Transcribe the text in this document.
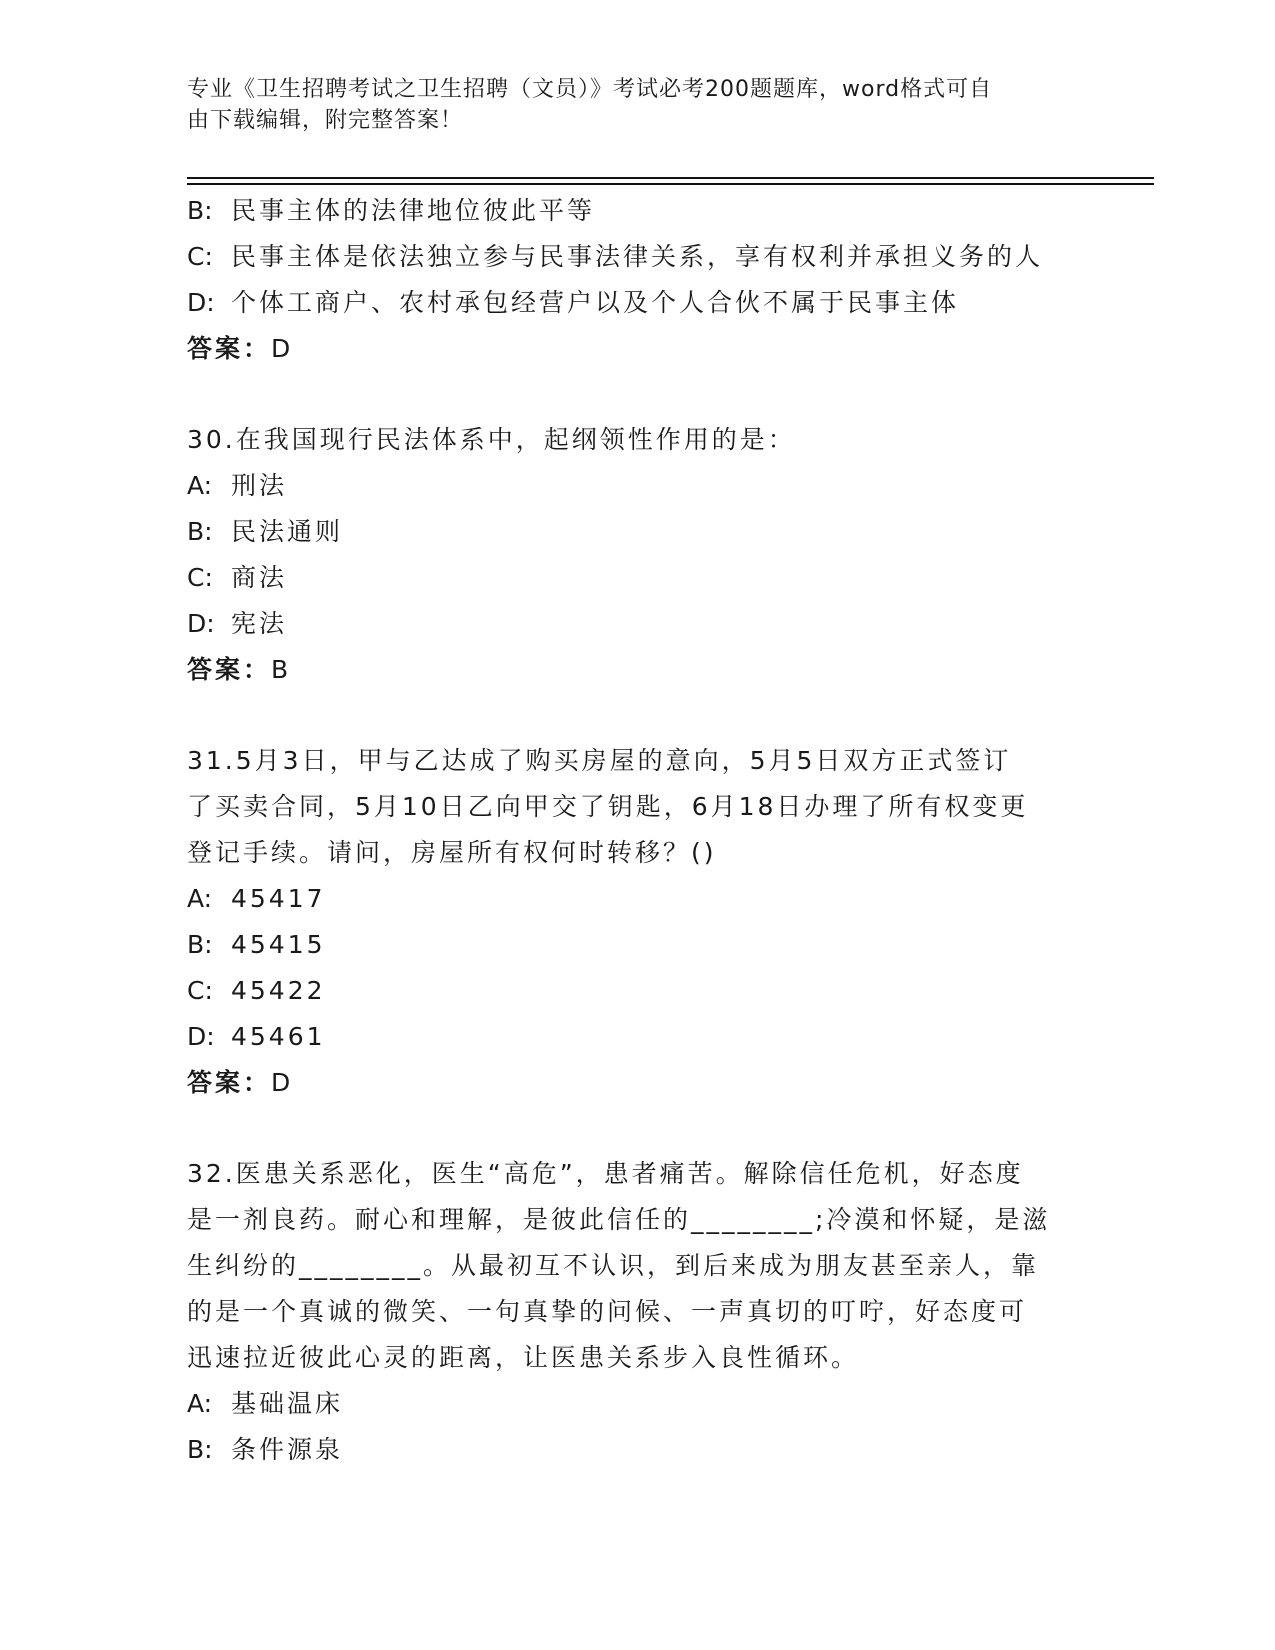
专业《卫生招聘考试之卫生招聘（文员）》考试必考200题题库，word格式可自
由下载编辑，附完整答案！
B: 民事主体的法律地位彼此平等
C: 民事主体是依法独立参与民事法律关系，享有权利并承担义务的人
D: 个体工商户、农村承包经营户以及个人合伙不属于民事主体
答案：D
30.在我国现行民法体系中，起纲领性作用的是：
A: 刑法
B: 民法通则
C: 商法
D: 宪法
答案：B
31.5月3日，甲与乙达成了购买房屋的意向，5月5日双方正式签订
了买卖合同，5月10日乙向甲交了钥匙，6月18日办理了所有权变更
登记手续。请问，房屋所有权何时转移？()
A: 45417
B: 45415
C: 45422
D: 45461
答案：D
32.医患关系恶化，医生“高危”，患者痛苦。解除信任危机，好态度
是一剂良药。耐心和理解，是彼此信任的________;冷漠和怀疑，是滋
生纠纷的________。从最初互不认识，到后来成为朋友甚至亲人，靠
的是一个真诚的微笑、一句真挚的问候、一声真切的叮咛，好态度可
迅速拉近彼此心灵的距离，让医患关系步入良性循环。
A: 基础温床
B: 条件源泉
